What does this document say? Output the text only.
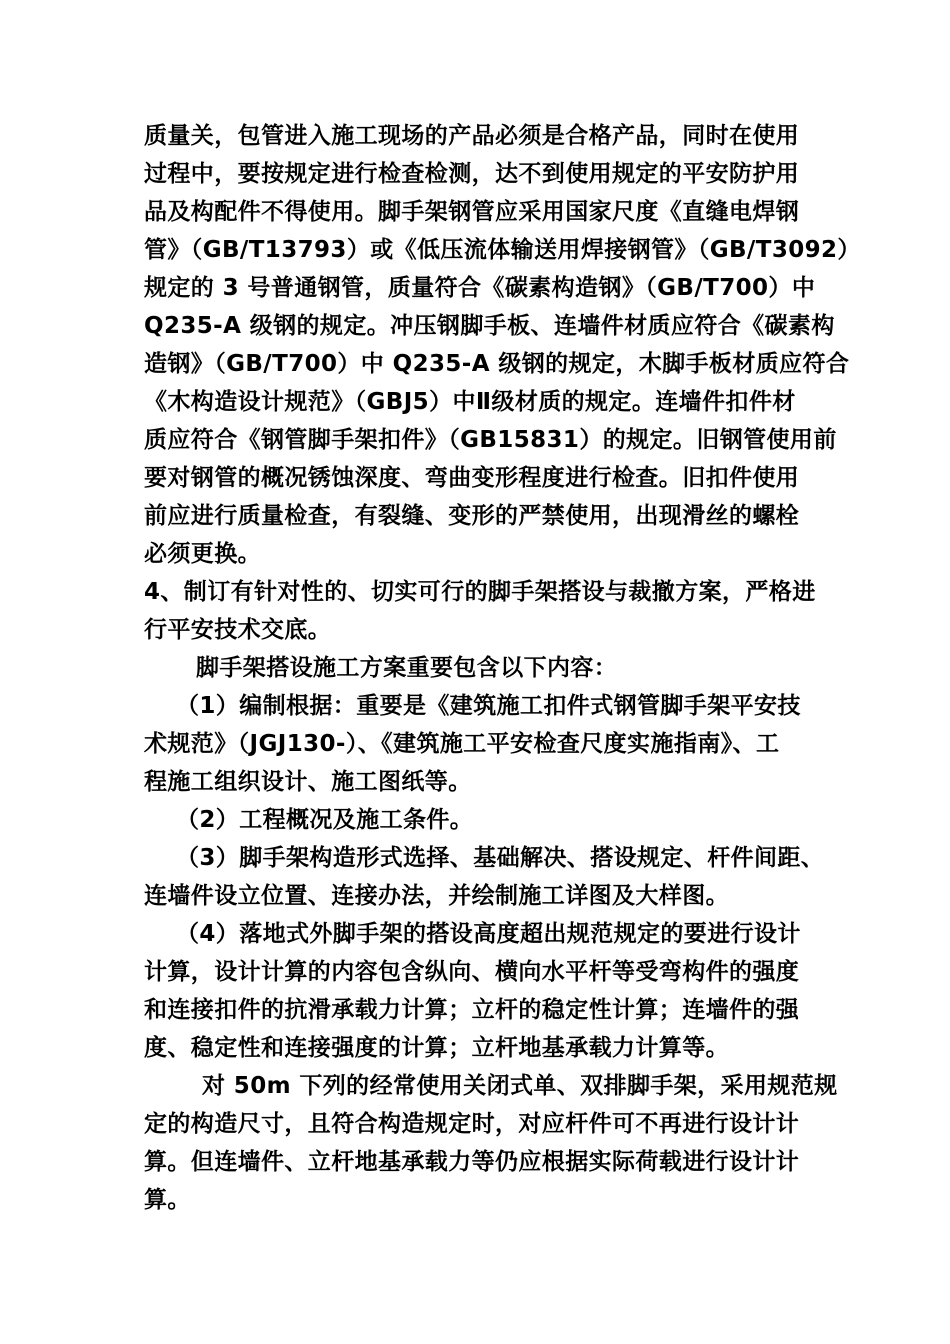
质量关，包管进入施工现场的产品必须是合格产品，同时在使用
过程中，要按规定进行检查检测，达不到使用规定的平安防护用
品及构配件不得使用。脚手架钢管应采用国家尺度《直缝电焊钢
管》（GB/T13793）或《低压流体输送用焊接钢管》（GB/T3092）
规定的 3 号普通钢管，质量符合《碳素构造钢》（GB/T700）中
Q235-A 级钢的规定。冲压钢脚手板、连墙件材质应符合《碳素构
造钢》（GB/T700）中 Q235-A 级钢的规定，木脚手板材质应符合
《木构造设计规范》（GBJ5）中Ⅱ级材质的规定。连墙件扣件材
质应符合《钢管脚手架扣件》（GB15831）的规定。旧钢管使用前
要对钢管的概况锈蚀深度、弯曲变形程度进行检查。旧扣件使用
前应进行质量检查，有裂缝、变形的严禁使用，出现滑丝的螺栓
必须更换。
4、制订有针对性的、切实可行的脚手架搭设与裁撤方案，严格进
行平安技术交底。
脚手架搭设施工方案重要包含以下内容：
（1）编制根据：重要是《建筑施工扣件式钢管脚手架平安技
术规范》（JGJ130-）、《建筑施工平安检查尺度实施指南》、工
程施工组织设计、施工图纸等。
（2）工程概况及施工条件。
（3）脚手架构造形式选择、基础解决、搭设规定、杆件间距、
连墙件设立位置、连接办法，并绘制施工详图及大样图。
（4）落地式外脚手架的搭设高度超出规范规定的要进行设计
计算，设计计算的内容包含纵向、横向水平杆等受弯构件的强度
和连接扣件的抗滑承载力计算；立杆的稳定性计算；连墙件的强
度、稳定性和连接强度的计算；立杆地基承载力计算等。
对 50m 下列的经常使用关闭式单、双排脚手架，采用规范规
定的构造尺寸，且符合构造规定时，对应杆件可不再进行设计计
算。但连墙件、立杆地基承载力等仍应根据实际荷载进行设计计
算。
